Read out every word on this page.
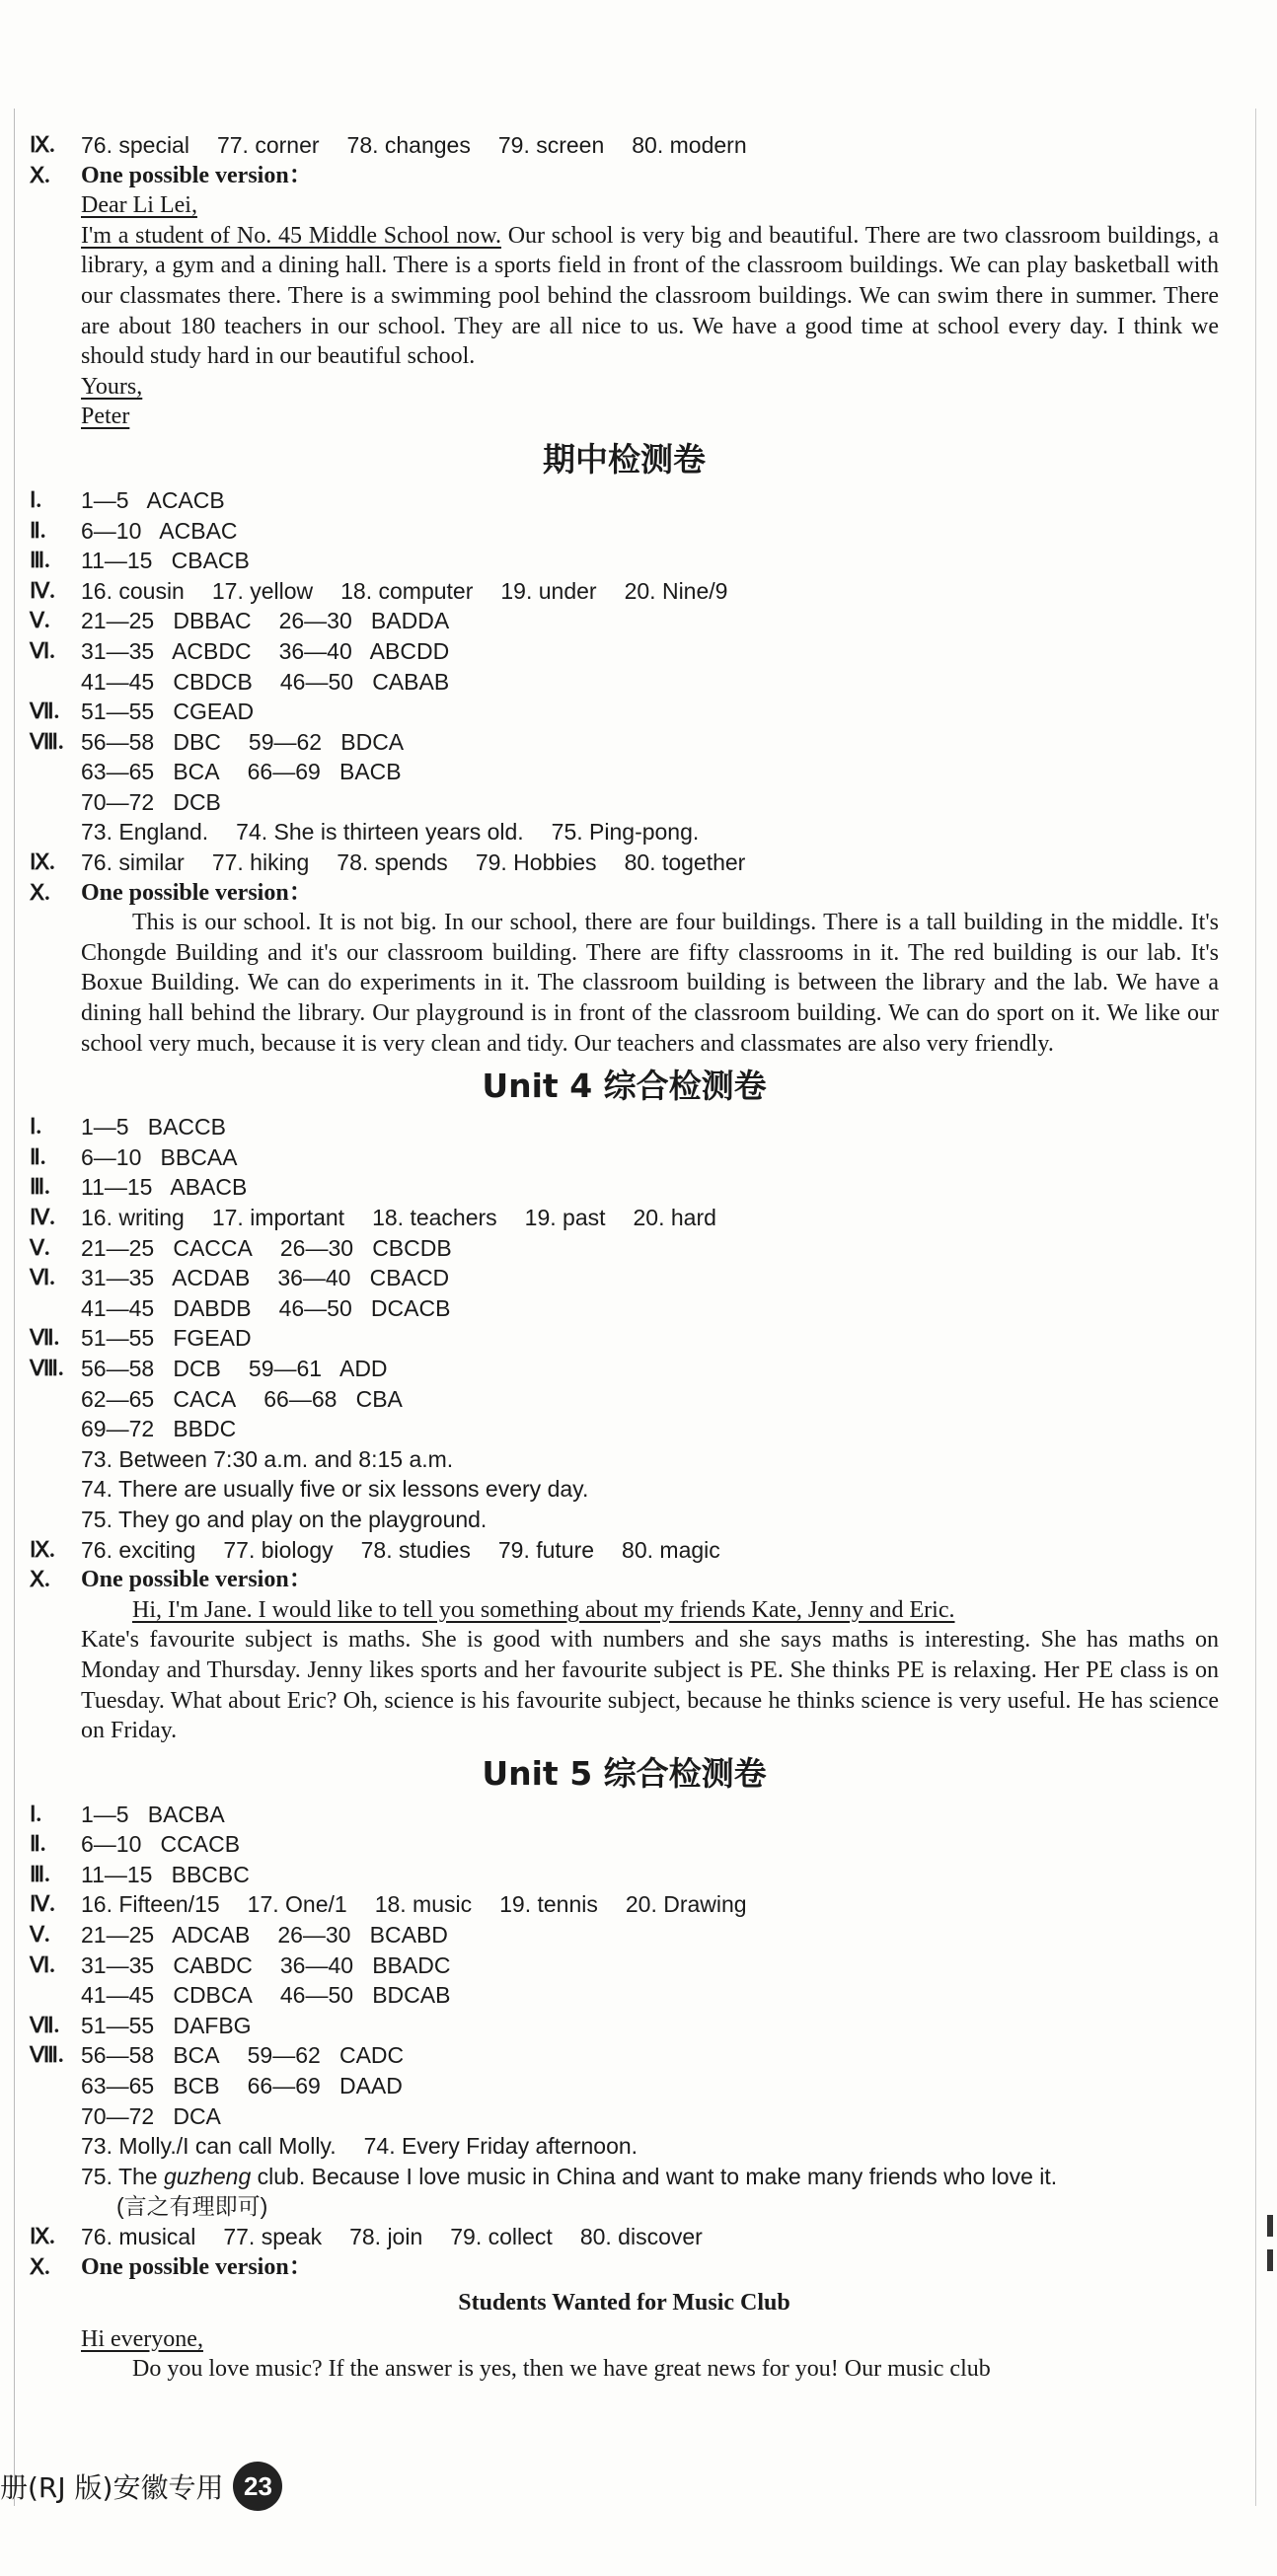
Ⅸ.	76. special 77. corner 78. changes 79. screen 80. modern
Ⅹ.	One possible version：

Dear Li Lei,

I'm a student of No. 45 Middle School now. Our school is very big and beautiful. There are two classroom buildings, a library, a gym and a dining hall. There is a sports field in front of the classroom buildings. We can play basketball with our classmates there. There is a swimming pool behind the classroom buildings. We can swim there in summer. There are about 180 teachers in our school. They are all nice to us. We have a good time at school every day. I think we should study hard in our beautiful school.

Yours,

Peter

期中检测卷
Ⅰ.	1—5   ACACB
Ⅱ.	6—10   ACBAC
Ⅲ.	11—15   CBACB
Ⅳ.	16. cousin 17. yellow 18. computer 19. under 20. Nine/9
Ⅴ.	21—25   DBBAC 26—30   BADDA
Ⅵ.	31—35   ACBDC 36—40   ABCDD
41—45   CBDCB 46—50   CABAB
Ⅶ. 51—55   CGEAD
Ⅷ. 56—58   DBC 59—62   BDCA
63—65   BCA 66—69   BACB
70—72   DCB
73. England. 74. She is thirteen years old. 75. Ping-pong.
Ⅸ.	76. similar 77. hiking 78. spends 79. Hobbies 80. together
Ⅹ.	One possible version：

This is our school. It is not big. In our school, there are four buildings. There is a tall building in the middle. It's Chongde Building and it's our classroom building. There are fifty classrooms in it. The red building is our lab. It's Boxue Building. We can do experiments in it. The classroom building is between the library and the lab. We have a dining hall behind the library. Our playground is in front of the classroom building. We can do sport on it. We like our school very much, because it is very clean and tidy. Our teachers and classmates are also very friendly.

Unit 4 综合检测卷
Ⅰ.	1—5   BACCB
Ⅱ.	6—10   BBCAA
Ⅲ.	11—15   ABACB
Ⅳ.	16. writing 17. important 18. teachers 19. past 20. hard
Ⅴ.	21—25   CACCA 26—30   CBCDB
Ⅵ.	31—35   ACDAB 36—40   CBACD
41—45   DABDB 46—50   DCACB
Ⅶ. 51—55   FGEAD
Ⅷ. 56—58   DCB 59—61   ADD
62—65   CACA 66—68   CBA
69—72   BBDC
73. Between 7:30 a.m. and 8:15 a.m.
74. There are usually five or six lessons every day.
75. They go and play on the playground.
Ⅸ.	76. exciting 77. biology 78. studies 79. future 80. magic
Ⅹ.	One possible version：

Hi, I'm Jane. I would like to tell you something about my friends Kate, Jenny and Eric.

Kate's favourite subject is maths. She is good with numbers and she says maths is interesting. She has maths on Monday and Thursday. Jenny likes sports and her favourite subject is PE. She thinks PE is relaxing. Her PE class is on Tuesday. What about Eric? Oh, science is his favourite subject, because he thinks science is very useful. He has science on Friday.

Unit 5 综合检测卷
Ⅰ.	1—5   BACBA
Ⅱ.	6—10   CCACB
Ⅲ.	11—15   BBCBC
Ⅳ.	16. Fifteen/15 17. One/1 18. music 19. tennis 20. Drawing
Ⅴ.	21—25   ADCAB 26—30   BCABD
Ⅵ.	31—35   CABDC 36—40   BBADC
41—45   CDBCA 46—50   BDCAB
Ⅶ. 51—55   DAFBG
Ⅷ. 56—58   BCA 59—62   CADC
63—65   BCB 66—69   DAAD
70—72   DCA
73. Molly./I can call Molly. 74. Every Friday afternoon.

75. The guzheng club. Because I love music in China and want to make many friends who love it.

(言之有理即可)

Ⅸ.	76. musical 77. speak 78. join 79. collect 80. discover
Ⅹ.	One possible version：
Students Wanted for Music Club

Hi everyone,

Do you love music? If the answer is yes, then we have great news for you! Our music club

册(RJ 版)安徽专用 23
